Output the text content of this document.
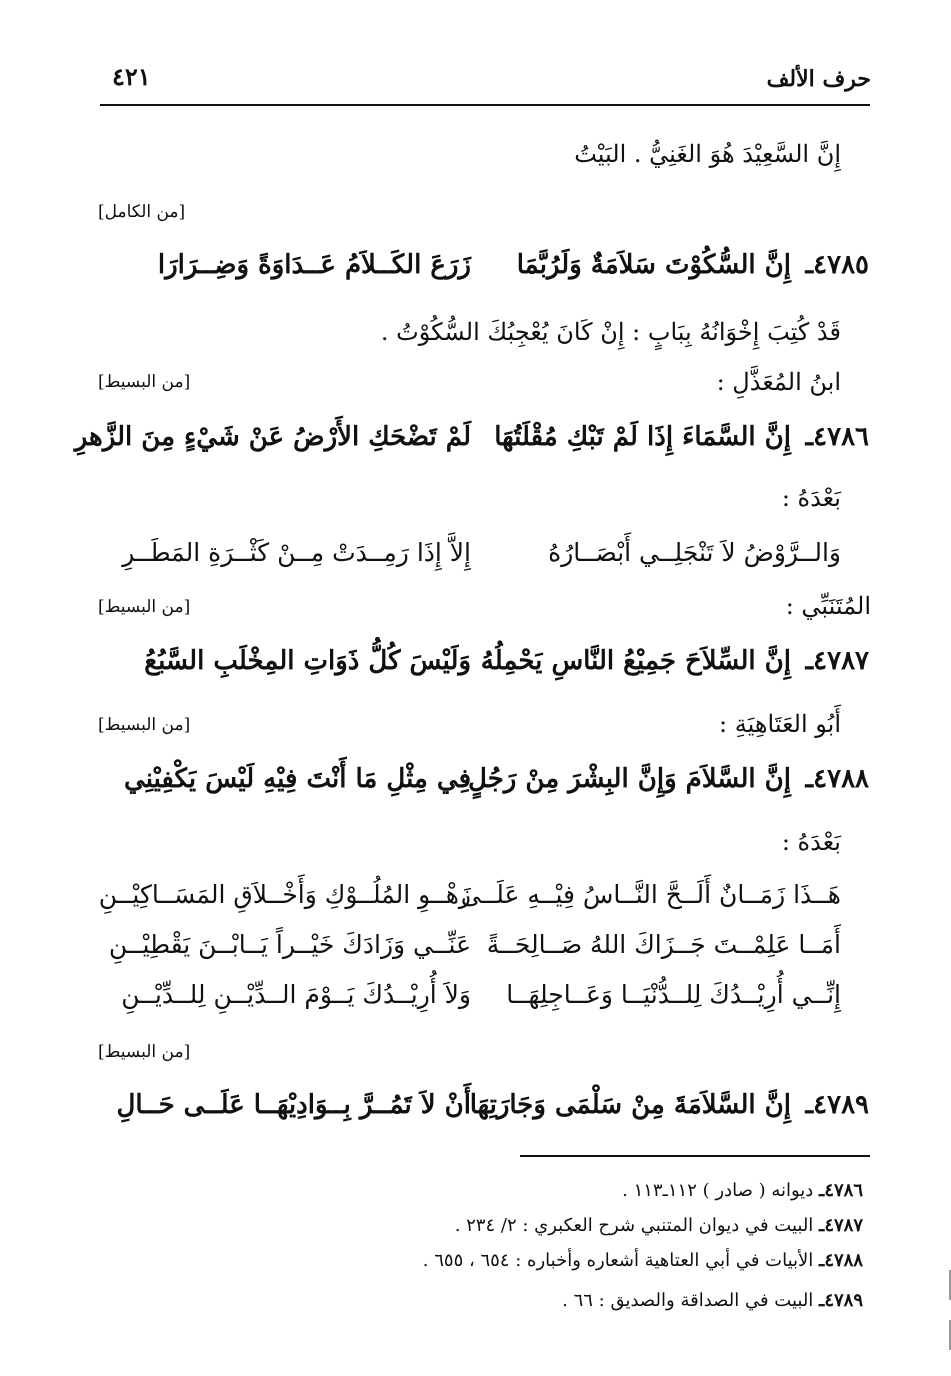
حرف الألف
٤٢١
إِنَّ السَّعِيْدَ هُوَ الغَنِيُّ . البَيْتُ
[من الكامل]
٤٧٨٥ـ
إِنَّ السُّكُوْتَ سَلاَمَةٌ وَلَرُبَّمَا
زَرَعَ الكَــلاَمُ عَــدَاوَةً وَضِــرَارَا
قَدْ كُتِبَ إِخْوَانُهُ بِبَابٍ : إِنْ كَانَ يُعْجِبُكَ السُّكُوْتُ .
ابنُ المُعَذَّلِ :
[من البسيط]
٤٧٨٦ـ
إِنَّ السَّمَاءَ إِذَا لَمْ تَبْكِ مُقْلَتُهَا
لَمْ تَضْحَكِ الأَرْضُ عَنْ شَيْءٍ مِنَ الزَّهرِ
بَعْدَهُ :
وَالــرَّوْضُ لاَ تَنْجَلِــي أَبْصَــارُهُ
إِلاَّ إِذَا رَمِــدَتْ مِــنْ كَثْــرَةِ المَطَــرِ
المُتَنَبِّي :
[من البسيط]
٤٧٨٧ـ
إِنَّ السِّلاَحَ جَمِيْعُ النَّاسِ يَحْمِلُهُ
وَلَيْسَ كُلُّ ذَوَاتِ المِخْلَبِ السَّبُعُ
أَبُو العَتَاهِيَةِ :
[من البسيط]
٤٧٨٨ـ
إِنَّ السَّلاَمَ وَإِنَّ البِشْرَ مِنْ رَجُلٍ
فِي مِثْلِ مَا أَنْتَ فِيْهِ لَيْسَ يَكْفِيْنِي
بَعْدَهُ :
هَــذَا زَمَــانٌ أَلَــحَّ النَّــاسُ فِيْــهِ عَلَــى
زَهْــوِ المُلُــوْكِ وَأَخْــلاَقِ المَسَــاكِيْــنِ
أَمَــا عَلِمْــتَ جَــزَاكَ اللهُ صَــالِحَــةً
عَنِّــي وَزَادَكَ خَيْــراً يَــابْــنَ يَقْطِيْــنِ
إِنِّــي أُرِيْــدُكَ لِلــدُّنْيَــا وَعَــاجِلِهَــا
وَلاَ أُرِيْــدُكَ يَــوْمَ الــدِّيْــنِ لِلــدِّيْــنِ
[من البسيط]
٤٧٨٩ـ
إِنَّ السَّلاَمَةَ مِنْ سَلْمَى وَجَارَتِهَا
أَنْ لاَ تَمُــرَّ بِــوَادِيْهَــا عَلَــى حَــالِ
٤٧٨٦ـ ديوانه ( صادر ) ١١٢ـ١١٣ .
٤٧٨٧ـ البيت في ديوان المتنبي شرح العكبري : ٢/ ٢٣٤ .
٤٧٨٨ـ الأبيات في أبي العتاهية أشعاره وأخباره : ٦٥٤ ، ٦٥٥ .
٤٧٨٩ـ البيت في الصداقة والصديق : ٦٦ .
